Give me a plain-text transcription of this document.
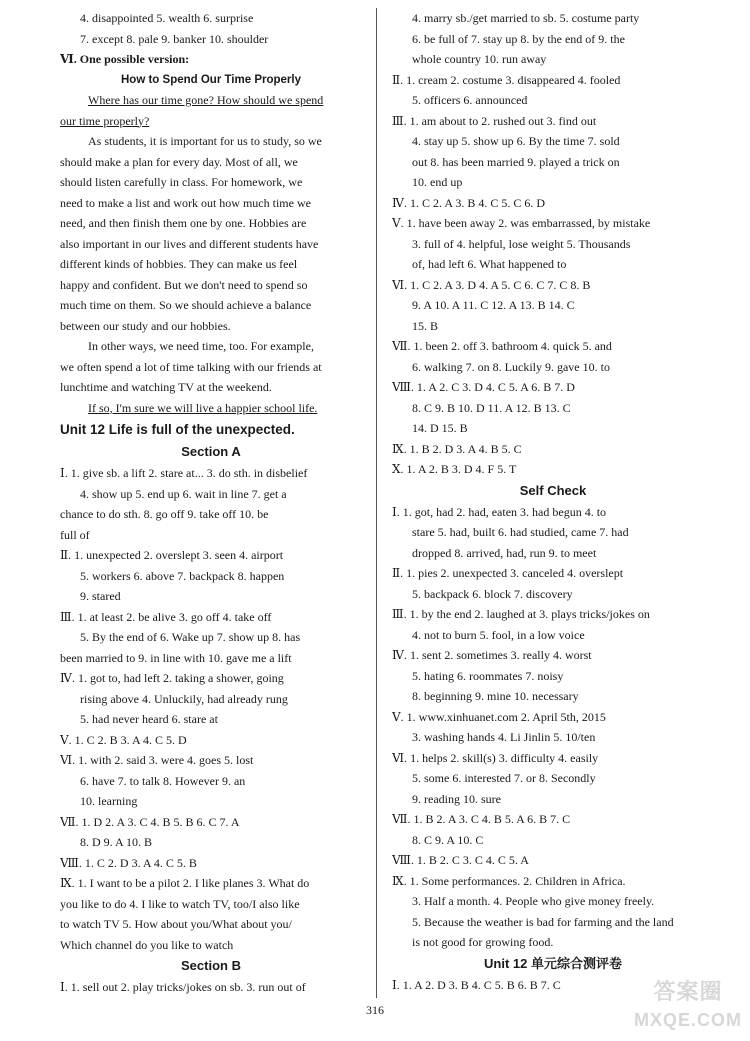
4. disappointed 5. wealth 6. surprise
7. except 8. pale 9. banker 10. shoulder
Ⅵ. One possible version:
How to Spend Our Time Properly
Where has our time gone? How should we spend
our time properly?
As students, it is important for us to study, so we
should make a plan for every day. Most of all, we
should listen carefully in class. For homework, we
need to make a list and work out how much time we
need, and then finish them one by one. Hobbies are
also important in our lives and different students have
different kinds of hobbies. They can make us feel
happy and confident. But we don't need to spend so
much time on them. So we should achieve a balance
between our study and our hobbies.
In other ways, we need time, too. For example,
we often spend a lot of time talking with our friends at
lunchtime and watching TV at the weekend.
If so, I'm sure we will live a happier school life.
Unit 12 Life is full of the unexpected.
Section A
Ⅰ. 1. give sb. a lift 2. stare at... 3. do sth. in disbelief
4. show up 5. end up 6. wait in line 7. get a
chance to do sth. 8. go off 9. take off 10. be
full of
Ⅱ. 1. unexpected 2. overslept 3. seen 4. airport
5. workers 6. above 7. backpack 8. happen
9. stared
Ⅲ. 1. at least 2. be alive 3. go off 4. take off
5. By the end of 6. Wake up 7. show up 8. has
been married to 9. in line with 10. gave me a lift
Ⅳ. 1. got to, had left 2. taking a shower, going
rising above 4. Unluckily, had already rung
5. had never heard 6. stare at
Ⅴ. 1. C 2. B 3. A 4. C 5. D
Ⅵ. 1. with 2. said 3. were 4. goes 5. lost
6. have 7. to talk 8. However 9. an
10. learning
Ⅶ. 1. D 2. A 3. C 4. B 5. B 6. C 7. A
8. D 9. A 10. B
Ⅷ. 1. C 2. D 3. A 4. C 5. B
Ⅸ. 1. I want to be a pilot 2. I like planes 3. What do
you like to do 4. I like to watch TV, too/I also like
to watch TV 5. How about you/What about you/
Which channel do you like to watch
Section B
Ⅰ. 1. sell out 2. play tricks/jokes on sb. 3. run out of
4. marry sb./get married to sb. 5. costume party
6. be full of 7. stay up 8. by the end of 9. the
whole country 10. run away
Ⅱ. 1. cream 2. costume 3. disappeared 4. fooled
5. officers 6. announced
Ⅲ. 1. am about to 2. rushed out 3. find out
4. stay up 5. show up 6. By the time 7. sold
out 8. has been married 9. played a trick on
10. end up
Ⅳ. 1. C 2. A 3. B 4. C 5. C 6. D
Ⅴ. 1. have been away 2. was embarrassed, by mistake
3. full of 4. helpful, lose weight 5. Thousands
of, had left 6. What happened to
Ⅵ. 1. C 2. A 3. D 4. A 5. C 6. C 7. C 8. B
9. A 10. A 11. C 12. A 13. B 14. C
15. B
Ⅶ. 1. been 2. off 3. bathroom 4. quick 5. and
6. walking 7. on 8. Luckily 9. gave 10. to
Ⅷ. 1. A 2. C 3. D 4. C 5. A 6. B 7. D
8. C 9. B 10. D 11. A 12. B 13. C
14. D 15. B
Ⅸ. 1. B 2. D 3. A 4. B 5. C
Ⅹ. 1. A 2. B 3. D 4. F 5. T
Self Check
Ⅰ. 1. got, had 2. had, eaten 3. had begun 4. to
stare 5. had, built 6. had studied, came 7. had
dropped 8. arrived, had, run 9. to meet
Ⅱ. 1. pies 2. unexpected 3. canceled 4. overslept
5. backpack 6. block 7. discovery
Ⅲ. 1. by the end 2. laughed at 3. plays tricks/jokes on
4. not to burn 5. fool, in a low voice
Ⅳ. 1. sent 2. sometimes 3. really 4. worst
5. hating 6. roommates 7. noisy
8. beginning 9. mine 10. necessary
Ⅴ. 1. www.xinhuanet.com 2. April 5th, 2015
3. washing hands 4. Li Jinlin 5. 10/ten
Ⅵ. 1. helps 2. skill(s) 3. difficulty 4. easily
5. some 6. interested 7. or 8. Secondly
9. reading 10. sure
Ⅶ. 1. B 2. A 3. C 4. B 5. A 6. B 7. C
8. C 9. A 10. C
Ⅷ. 1. B 2. C 3. C 4. C 5. A
Ⅸ. 1. Some performances. 2. Children in Africa.
3. Half a month. 4. People who give money freely.
5. Because the weather is bad for farming and the land
is not good for growing food.
Unit 12 单元综合测评卷
Ⅰ. 1. A 2. D 3. B 4. C 5. B 6. B 7. C
316
答案圈
MXQE.COM
